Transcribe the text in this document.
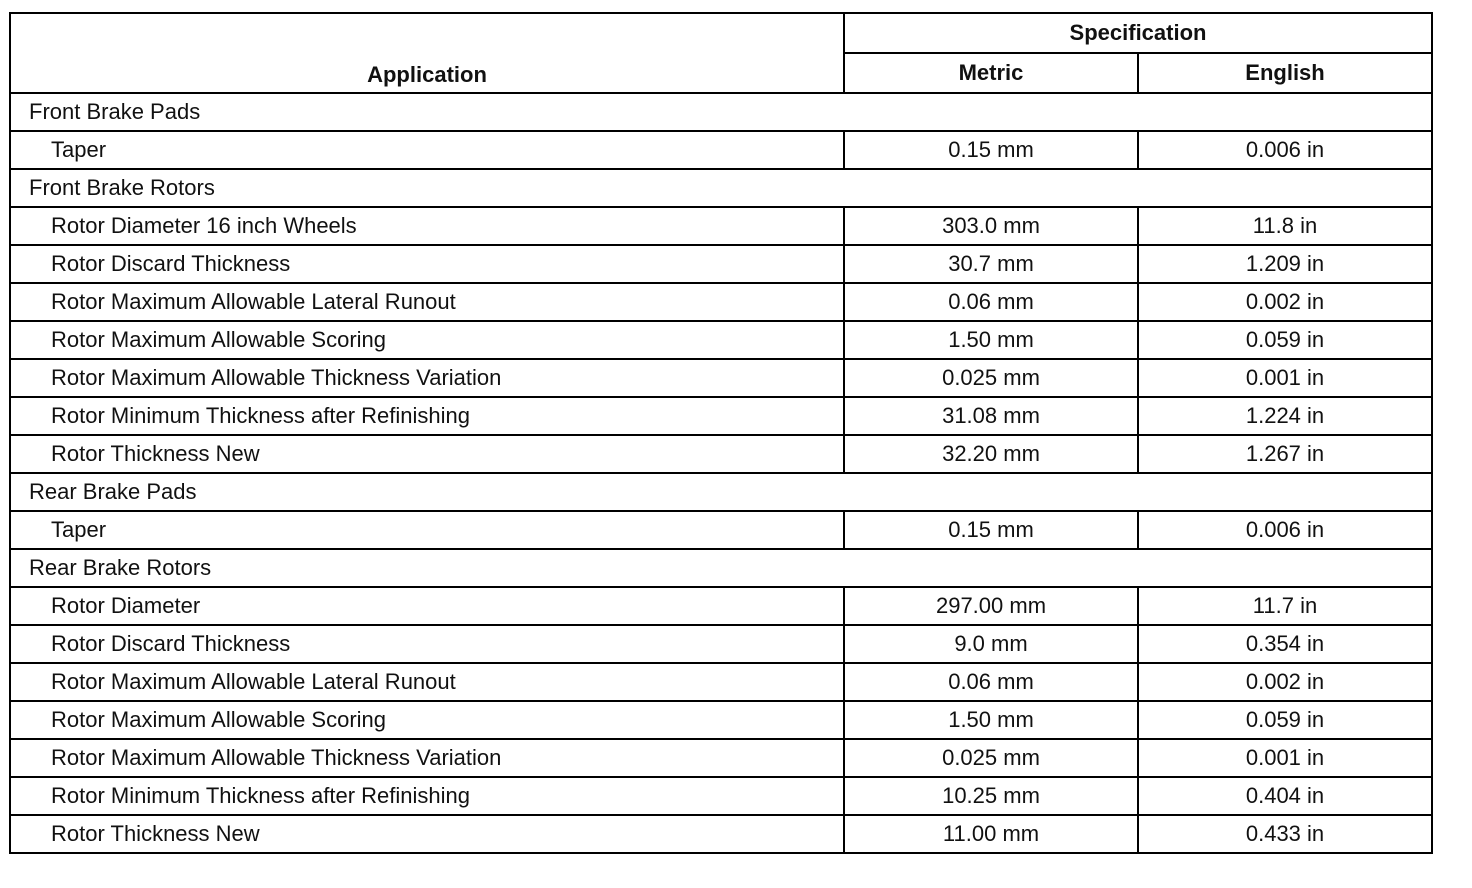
Application	Specification	
	Metric	English
Front Brake Pads		
Taper	0.15 mm	0.006 in
Front Brake Rotors		
Rotor Diameter 16 inch Wheels	303.0 mm	11.8 in
Rotor Discard Thickness	30.7 mm	1.209 in
Rotor Maximum Allowable Lateral Runout	0.06 mm	0.002 in
Rotor Maximum Allowable Scoring	1.50 mm	0.059 in
Rotor Maximum Allowable Thickness Variation	0.025 mm	0.001 in
Rotor Minimum Thickness after Refinishing	31.08 mm	1.224 in
Rotor Thickness New	32.20 mm	1.267 in
Rear Brake Pads		
Taper	0.15 mm	0.006 in
Rear Brake Rotors		
Rotor Diameter	297.00 mm	11.7 in
Rotor Discard Thickness	9.0 mm	0.354 in
Rotor Maximum Allowable Lateral Runout	0.06 mm	0.002 in
Rotor Maximum Allowable Scoring	1.50 mm	0.059 in
Rotor Maximum Allowable Thickness Variation	0.025 mm	0.001 in
Rotor Minimum Thickness after Refinishing	10.25 mm	0.404 in
Rotor Thickness New	11.00 mm	0.433 in
